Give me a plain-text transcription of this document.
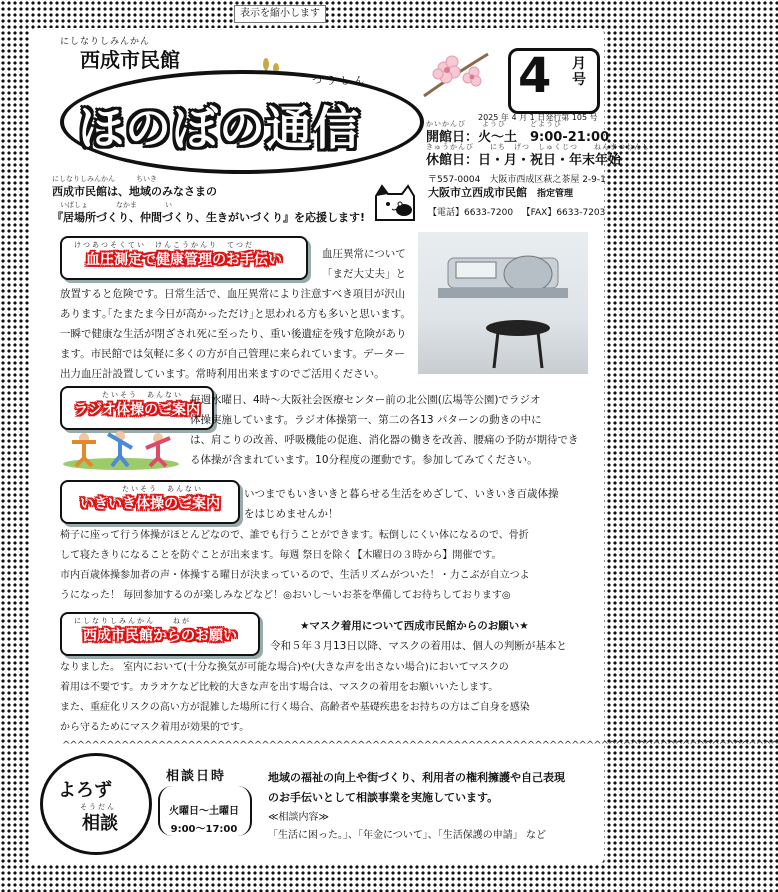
表示を縮小します
にしなりしみんかん
西成市民館
つうしん
ほのぼの通信
4 月号
2025 年 4 月 1 日発行第 105 号
かいかんび　　ようび　　　どようび
開館日：火～土　9:00-21:00
きゅうかんび　　にち　げつ　しゅくじつ　　ねんまつねんし
休館日：日・月・祝日・年末年始
にしなりしみんかん　　　ちいき
西成市民館は、地域のみなさまの
いばしょ　　　　なかま　　　　い
『居場所づくり、仲間づくり、生きがいづくり』を応援します!
〒557-0004　大阪市西成区萩之茶屋 2-9-1
大阪市立西成市民館 指定管理
【電話】6633-7200 【FAX】6633-7203
けつあつそくてい　けんこうかんり　てつだ
血圧測定で健康管理のお手伝い	血圧異常について
「まだ大丈夫」と
放置すると危険です。日常生活で、血圧異常により注意すべき項目が沢山
あります｡｢たまたま今日が高かっただけ｣と思われる方も多いと思います。
一瞬で健康な生活が閉ざされ死に至ったり、重い後遺症を残す危険があり
ます。市民館では気軽に多くの方が自己管理に来られています。データー
出力血圧計設置しています。常時利用出来ますのでご活用ください。
たいそう　あんない
ラジオ体操のご案内
毎週水曜日、4時～大阪社会医療センター前の北公園(広場等公園)でラジオ
体操実施しています。ラジオ体操第一、第二の各13 パターンの動きの中に
は、肩こりの改善、呼吸機能の促進、消化器の働きを改善、腰痛の予防が期待でき
る体操が含まれています。10分程度の運動です。参加してみてください。
たいそう　あんない
いきいき体操のご案内
いつまでもいきいきと暮らせる生活をめざして、いきいき百歳体操
をはじめませんか！
椅子に座って行う体操がほとんどなので、誰でも行うことができます。転倒しにくい体になるので、骨折
して寝たきりになることを防ぐことが出来ます。毎週 祭日を除く【木曜日の３時から】開催です。
市内百歳体操参加者の声・体操する曜日が決まっているので、生活リズムがついた！・力こぶが自立つよ
うになった！ 毎回参加するのが楽しみなどなど！◎おいし～いお茶を準備してお待ちしております◎
にしなりしみんかん　　ねが
西成市民館からのお願い
★マスク着用について西成市民館からのお願い★
令和５年３月13日以降、マスクの着用は、個人の判断が基本と
なりました。 室内において(十分な換気が可能な場合)や(大きな声を出さない場合)においてマスクの
着用は不要です。カラオケなど比較的大きな声を出す場合は、マスクの着用をお願いいたします。
また、重症化リスクの高い方が混雑した場所に行く場合、高齢者や基礎疾患をお持ちの方はご自身を感染
から守るためにマスク着用が効果的です。
^^^^^^^^^^^^^^^^^^^^^^^^^^^^^^^^^^^^^^^^^^^^^^^^^^^^^^^^^^^^^^^^^^^^^^^^^^^^^^^^^^^^^^^^^^^^^^^^^
よろず
そうだん
相談
相談日時
火曜日～土曜日
9:00～17:00
地域の福祉の向上や街づくり、利用者の権利擁護や自己表現
のお手伝いとして相談事業を実施しています。
≪相談内容≫
「生活に困った。」、「年金について」、「生活保護の申請」 など
